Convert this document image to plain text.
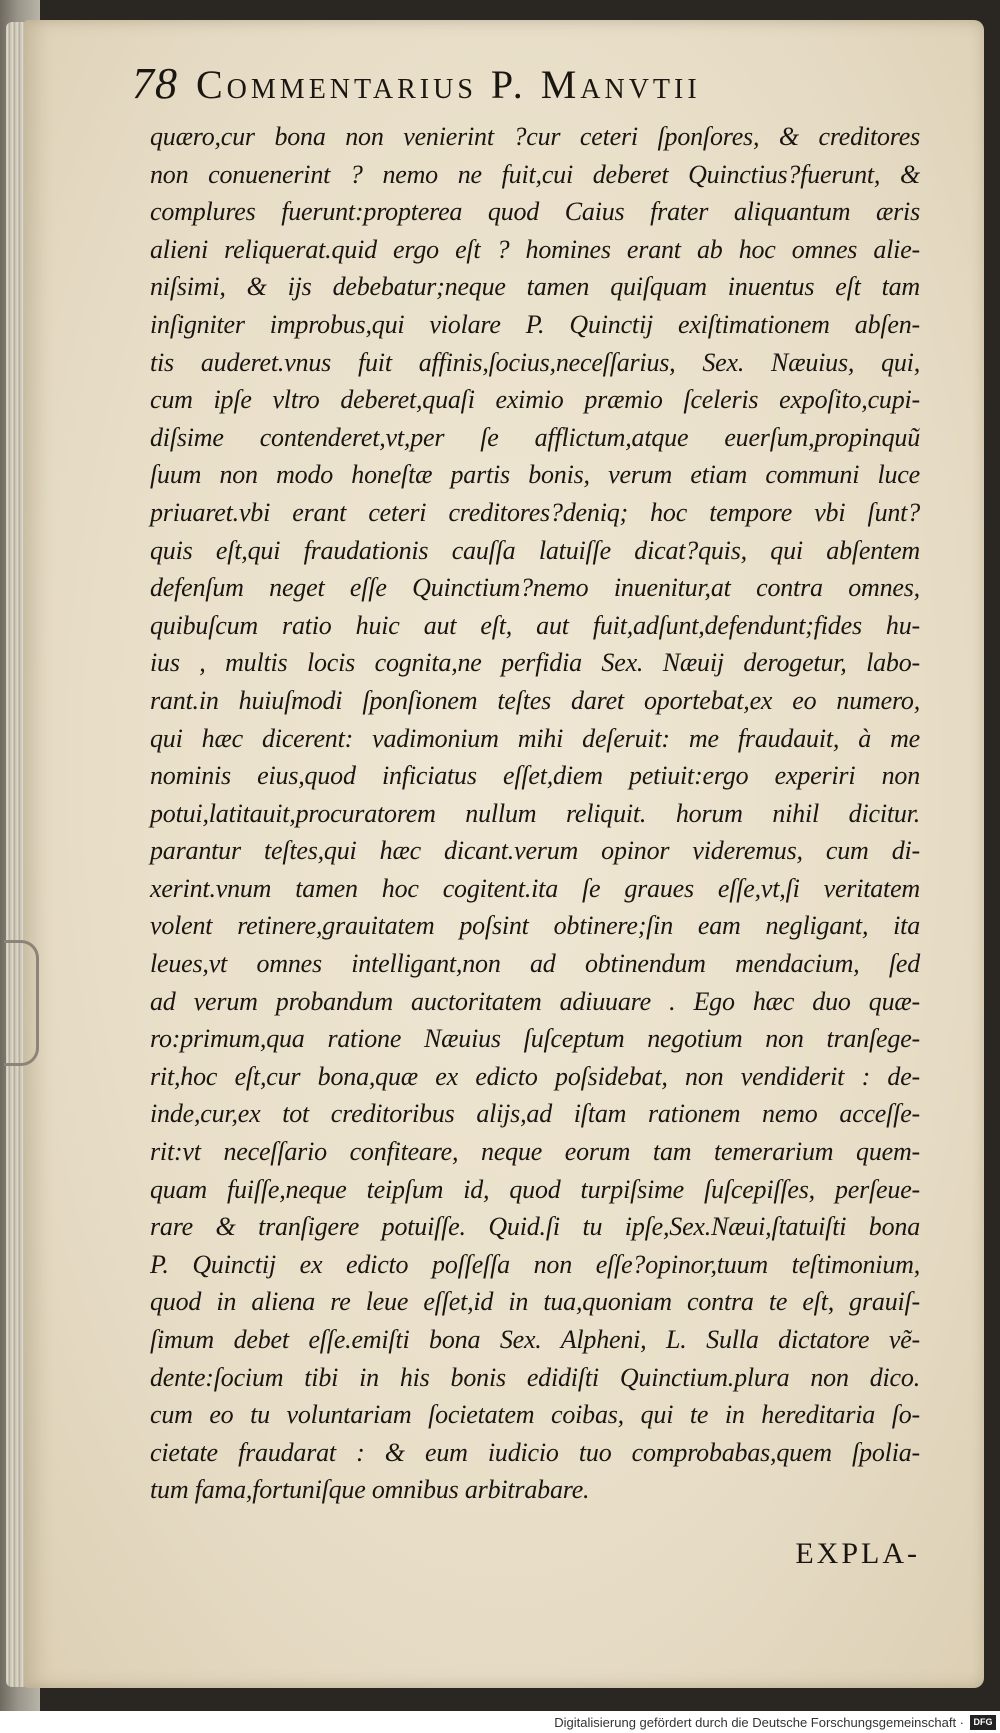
78 Commentarius P. Manvtii
quæro,cur bona non venierint ?cur ceteri ſponſores, & creditores
non conuenerint ? nemo ne fuit,cui deberet Quinctius?fuerunt, &
complures fuerunt:propterea quod Caius frater aliquantum æris
alieni reliquerat.quid ergo eſt ? homines erant ab hoc omnes alie-
niſsimi, & ijs debebatur;neque tamen quiſquam inuentus eſt tam
inſigniter improbus,qui violare P. Quinctij exiſtimationem abſen-
tis auderet.vnus fuit affinis,ſocius,neceſſarius, Sex. Næuius, qui,
cum ipſe vltro deberet,quaſi eximio præmio ſceleris expoſito,cupi-
diſsime contenderet,vt,per ſe afflictum,atque euerſum,propinquũ
ſuum non modo honeſtæ partis bonis, verum etiam communi luce
priuaret.vbi erant ceteri creditores?deniq; hoc tempore vbi ſunt?
quis eſt,qui fraudationis cauſſa latuiſſe dicat?quis, qui abſentem
defenſum neget eſſe Quinctium?nemo inuenitur,at contra omnes,
quibuſcum ratio huic aut eſt, aut fuit,adſunt,defendunt;fides hu-
ius , multis locis cognita,ne perfidia Sex. Næuij derogetur, labo-
rant.in huiuſmodi ſponſionem teſtes daret oportebat,ex eo numero,
qui hæc dicerent: vadimonium mihi deſeruit: me fraudauit, à me
nominis eius,quod inficiatus eſſet,diem petiuit:ergo experiri non
potui,latitauit,procuratorem nullum reliquit. horum nihil dicitur.
parantur teſtes,qui hæc dicant.verum opinor videremus, cum di-
xerint.vnum tamen hoc cogitent.ita ſe graues eſſe,vt,ſi veritatem
volent retinere,grauitatem poſsint obtinere;ſin eam negligant, ita
leues,vt omnes intelligant,non ad obtinendum mendacium, ſed
ad verum probandum auctoritatem adiuuare . Ego hæc duo quæ-
ro:primum,qua ratione Næuius ſuſceptum negotium non tranſege-
rit,hoc eſt,cur bona,quæ ex edicto poſsidebat, non vendiderit : de-
inde,cur,ex tot creditoribus alijs,ad iſtam rationem nemo acceſſe-
rit:vt neceſſario confiteare, neque eorum tam temerarium quem-
quam fuiſſe,neque teipſum id, quod turpiſsime ſuſcepiſſes, perſeue-
rare & tranſigere potuiſſe. Quid.ſi tu ipſe,Sex.Næui,ſtatuiſti bona
P. Quinctij ex edicto poſſeſſa non eſſe?opinor,tuum teſtimonium,
quod in aliena re leue eſſet,id in tua,quoniam contra te eſt, grauiſ-
ſimum debet eſſe.emiſti bona Sex. Alpheni, L. Sulla dictatore vẽ-
dente:ſocium tibi in his bonis edidiſti Quinctium.plura non dico.
cum eo tu voluntariam ſocietatem coibas, qui te in hereditaria ſo-
cietate fraudarat : & eum iudicio tuo comprobabas,quem ſpolia-
tum fama,fortuniſque omnibus arbitrabare.
EXPLA-
Digitalisierung gefördert durch die Deutsche Forschungsgemeinschaft ·	DFG
